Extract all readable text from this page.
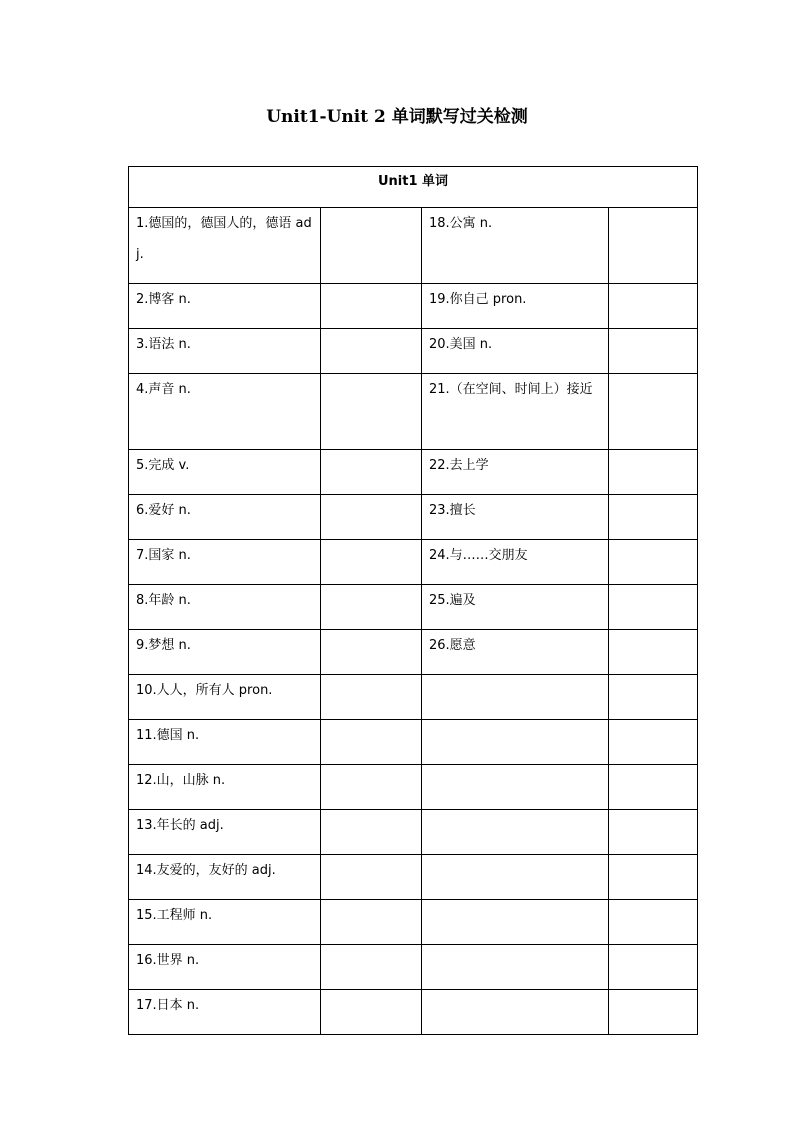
Unit1-Unit 2 单词默写过关检测
Unit1 单词			
1.德国的，德国人的，德语 adj.		18.公寓 n.	
2.博客 n.		19.你自己 pron.	
3.语法 n.		20.美国 n.	
4.声音 n.		21.（在空间、时间上）接近	
5.完成 v.		22.去上学	
6.爱好 n.		23.擅长	
7.国家 n.		24.与……交朋友	
8.年龄 n.		25.遍及	
9.梦想 n.		26.愿意	
10.人人，所有人 pron.			
11.德国 n.			
12.山，山脉 n.			
13.年长的 adj.			
14.友爱的，友好的 adj.			
15.工程师 n.			
16.世界 n.			
17.日本 n.			
